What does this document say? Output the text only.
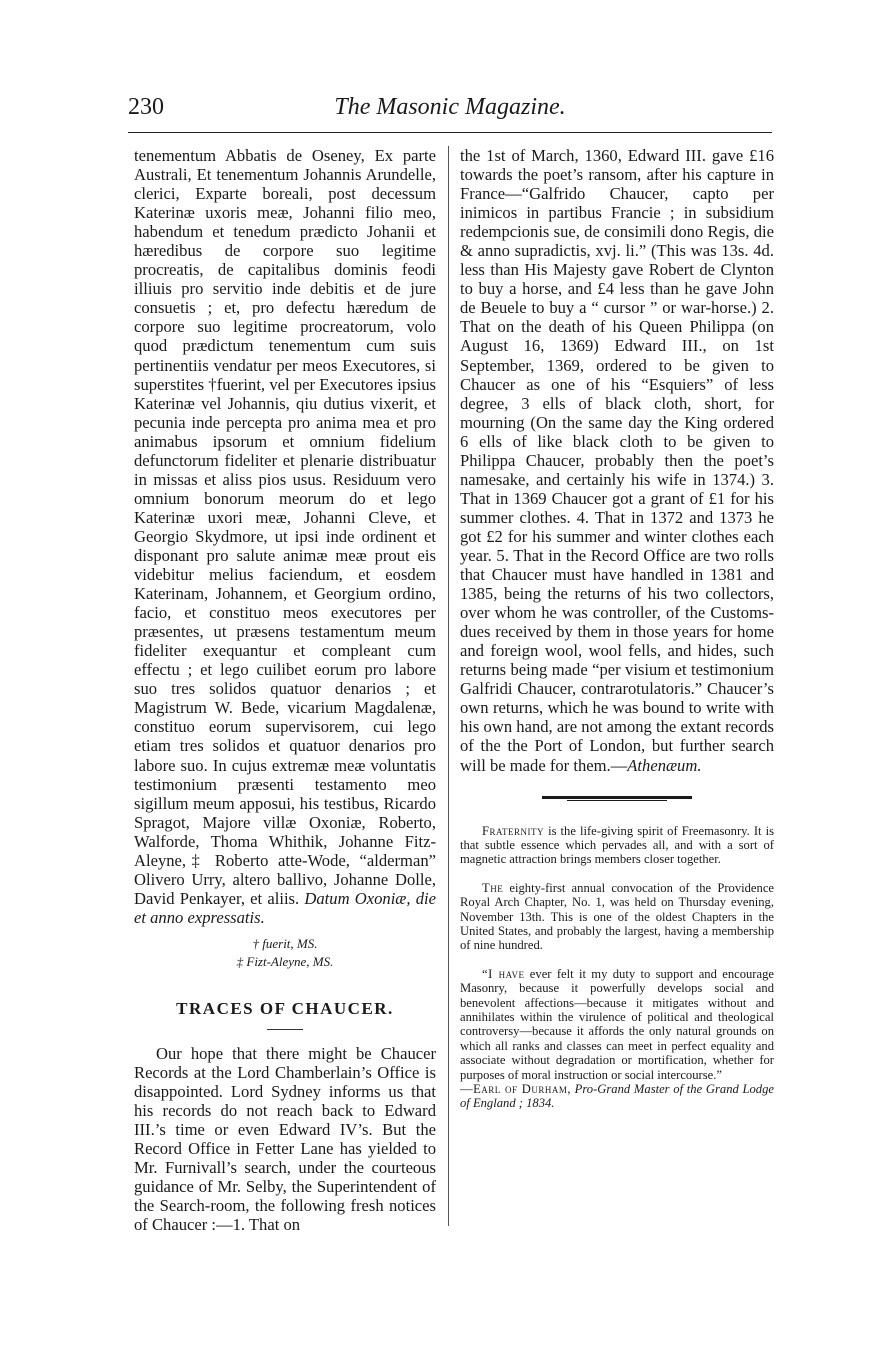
230	The Masonic Magazine.

tenementum Abbatis de Oseney, Ex parte Australi, Et tenementum Johannis Arundelle, clerici, Exparte boreali, post decessum Katerinæ uxoris meæ, Johanni filio meo, habendum et tenedum prædicto Johanii et hæredibus de corpore suo legitime procreatis, de capitalibus dominis feodi illiuis pro servitio inde debitis et de jure consuetis ; et, pro defectu hæredum de corpore suo legitime procreatorum, volo quod prædictum tenementum cum suis pertinentiis vendatur per meos Executores, si superstites †fuerint, vel per Executores ipsius Katerinæ vel Johannis, qiu dutius vixerit, et pecunia inde percepta pro anima mea et pro animabus ipsorum et omnium fidelium defunctorum fideliter et plenarie distribuatur in missas et aliss pios usus. Residuum vero omnium bonorum meorum do et lego Katerinæ uxori meæ, Johanni Cleve, et Georgio Skydmore, ut ipsi inde ordinent et disponant pro salute animæ meæ prout eis videbitur melius faciendum, et eosdem Katerinam, Johannem, et Georgium ordino, facio, et constituo meos executores per præsentes, ut præsens testamentum meum fideliter exequantur et compleant cum effectu ; et lego cuilibet eorum pro labore suo tres solidos quatuor denarios ; et Magistrum W. Bede, vicarium Magdalenæ, constituo eorum supervisorem, cui lego etiam tres solidos et quatuor denarios pro labore suo. In cujus extremæ meæ voluntatis testimonium præsenti testamento meo sigillum meum apposui, his testibus, Ricardo Spragot, Majore villæ Oxoniæ, Roberto, Walforde, Thoma Whithik, Johanne Fitz-Aleyne,‡ Roberto atte-Wode, “alderman” Olivero Urry, altero ballivo, Johanne Dolle, David Penkayer, et aliis. Datum Oxoniæ, die et anno expressatis.

† fuerit, MS.

‡ Fizt-Aleyne, MS.

TRACES OF CHAUCER.

Our hope that there might be Chaucer Records at the Lord Chamberlain’s Office is disappointed. Lord Sydney informs us that his records do not reach back to Edward III.’s time or even Edward IV’s. But the Record Office in Fetter Lane has yielded to Mr. Furnivall’s search, under the courteous guidance of Mr. Selby, the Superintendent of the Search-room, the following fresh notices of Chaucer :—1. That on

the 1st of March, 1360, Edward III. gave £16 towards the poet’s ransom, after his capture in France—“Galfrido Chaucer, capto per inimicos in partibus Francie ; in subsidium redempcionis sue, de consimili dono Regis, die & anno supradictis, xvj. li.” (This was 13s. 4d. less than His Majesty gave Robert de Clynton to buy a horse, and £4 less than he gave John de Beuele to buy a “ cursor ” or war-horse.) 2. That on the death of his Queen Philippa (on August 16, 1369) Edward III., on 1st September, 1369, ordered to be given to Chaucer as one of his “Esquiers” of less degree, 3 ells of black cloth, short, for mourning (On the same day the King ordered 6 ells of like black cloth to be given to Philippa Chaucer, probably then the poet’s namesake, and certainly his wife in 1374.) 3. That in 1369 Chaucer got a grant of £1 for his summer clothes. 4. That in 1372 and 1373 he got £2 for his summer and winter clothes each year. 5. That in the Record Office are two rolls that Chaucer must have handled in 1381 and 1385, being the returns of his two collectors, over whom he was controller, of the Customs-dues received by them in those years for home and foreign wool, wool fells, and hides, such returns being made “per visium et testimonium Galfridi Chaucer, contrarotulatoris.” Chaucer’s own returns, which he was bound to write with his own hand, are not among the extant records of the the Port of London, but further search will be made for them.—Athenæum.

Fraternity is the life-giving spirit of Freemasonry. It is that subtle essence which pervades all, and with a sort of magnetic attraction brings members closer together.

The eighty-first annual convocation of the Providence Royal Arch Chapter, No. 1, was held on Thursday evening, November 13th. This is one of the oldest Chapters in the United States, and probably the largest, having a membership of nine hundred.

“I have ever felt it my duty to support and encourage Masonry, because it powerfully develops social and benevolent affections—because it mitigates without and annihilates within the virulence of political and theological controversy—because it affords the only natural grounds on which all ranks and classes can meet in perfect equality and associate without degradation or mortification, whether for purposes of moral instruction or social intercourse.”
—Earl of Durham, Pro-Grand Master of the Grand Lodge of England ; 1834.
